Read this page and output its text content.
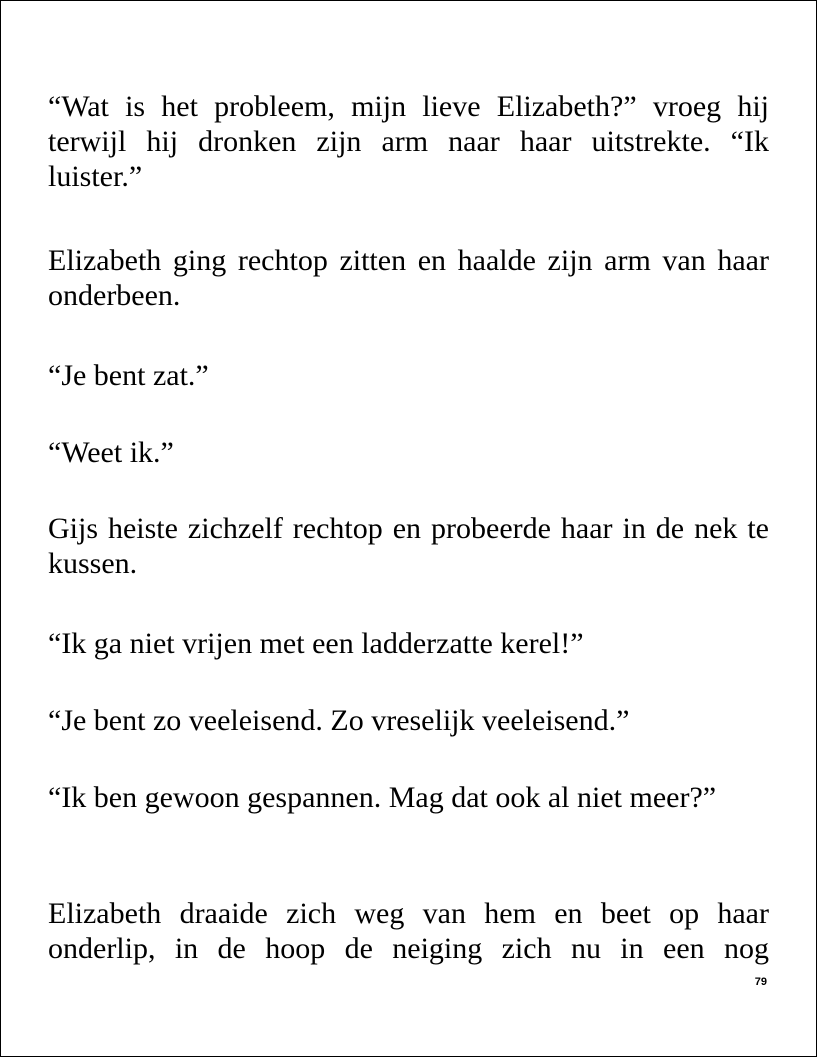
“Wat is het probleem, mijn lieve Elizabeth?” vroeg hij terwijl hij dronken zijn arm naar haar uitstrekte. “Ik luister.”

Elizabeth ging rechtop zitten en haalde zijn arm van haar onderbeen.

“Je bent zat.”

“Weet ik.”

Gijs heiste zichzelf rechtop en probeerde haar in de nek te kussen.

“Ik ga niet vrijen met een ladderzatte kerel!”

“Je bent zo veeleisend. Zo vreselijk veeleisend.”

“Ik ben gewoon gespannen. Mag dat ook al niet meer?”

Elizabeth draaide zich weg van hem en beet op haar onderlip, in de hoop de neiging zich nu in een nog

79
